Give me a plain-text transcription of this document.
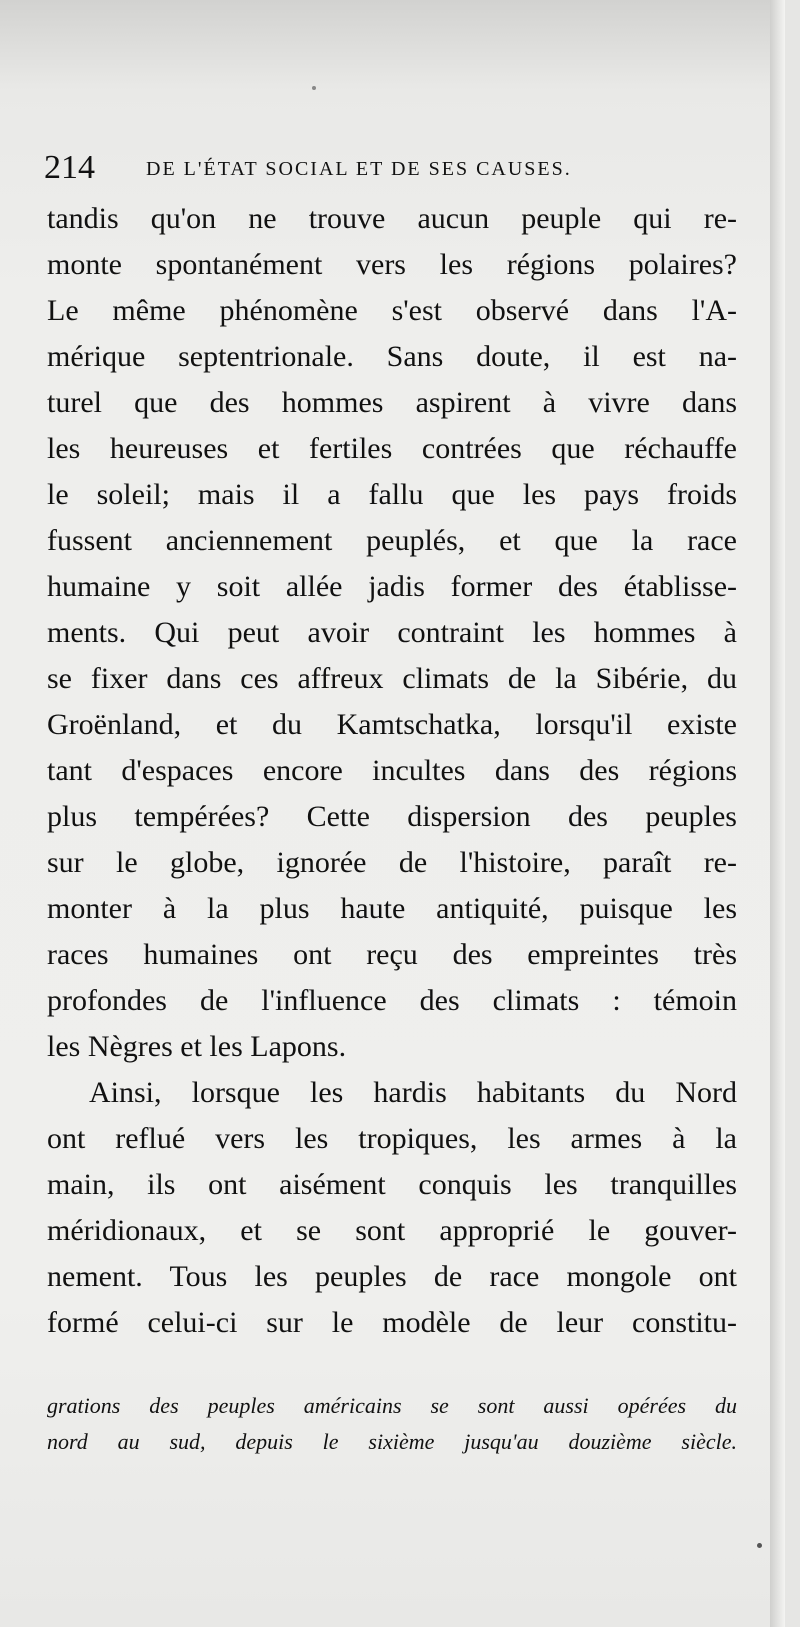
214	DE L'ÉTAT SOCIAL ET DE SES CAUSES.
tandis qu'on ne trouve aucun peuple qui re-
monte spontanément vers les régions polaires?
Le même phénomène s'est observé dans l'A-
mérique septentrionale. Sans doute, il est na-
turel que des hommes aspirent à vivre dans
les heureuses et fertiles contrées que réchauffe
le soleil; mais il a fallu que les pays froids
fussent anciennement peuplés, et que la race
humaine y soit allée jadis former des établisse-
ments. Qui peut avoir contraint les hommes à
se fixer dans ces affreux climats de la Sibérie, du
Groënland, et du Kamtschatka, lorsqu'il existe
tant d'espaces encore incultes dans des régions
plus tempérées? Cette dispersion des peuples
sur le globe, ignorée de l'histoire, paraît re-
monter à la plus haute antiquité, puisque les
races humaines ont reçu des empreintes très
profondes de l'influence des climats : témoin
les Nègres et les Lapons.
Ainsi, lorsque les hardis habitants du Nord
ont reflué vers les tropiques, les armes à la
main, ils ont aisément conquis les tranquilles
méridionaux, et se sont approprié le gouver-
nement. Tous les peuples de race mongole ont
formé celui-ci sur le modèle de leur constitu-
grations des peuples américains se sont aussi opérées du
nord au sud, depuis le sixième jusqu'au douzième siècle.
